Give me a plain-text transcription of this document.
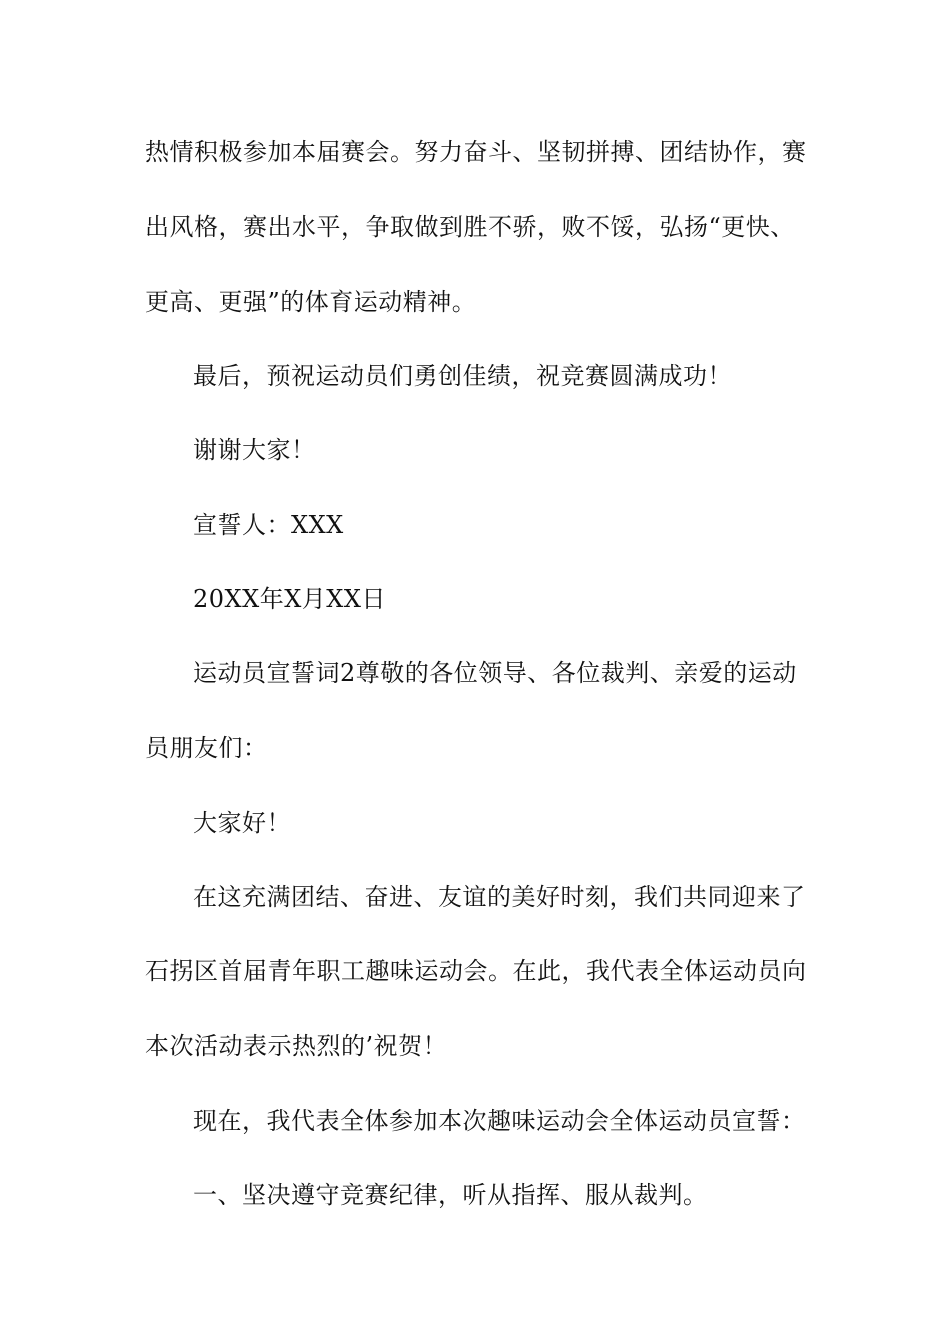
热情积极参加本届赛会。努力奋斗、坚韧拼搏、团结协作，赛
出风格，赛出水平，争取做到胜不骄，败不馁，弘扬“更快、
更高、更强”的体育运动精神。
最后，预祝运动员们勇创佳绩，祝竞赛圆满成功！
谢谢大家！
宣誓人：XXX
20XX年X月XX日
运动员宣誓词2尊敬的各位领导、各位裁判、亲爱的运动
员朋友们：
大家好！
在这充满团结、奋进、友谊的美好时刻，我们共同迎来了
石拐区首届青年职工趣味运动会。在此，我代表全体运动员向
本次活动表示热烈的’祝贺！
现在，我代表全体参加本次趣味运动会全体运动员宣誓：
一、坚决遵守竞赛纪律，听从指挥、服从裁判。
